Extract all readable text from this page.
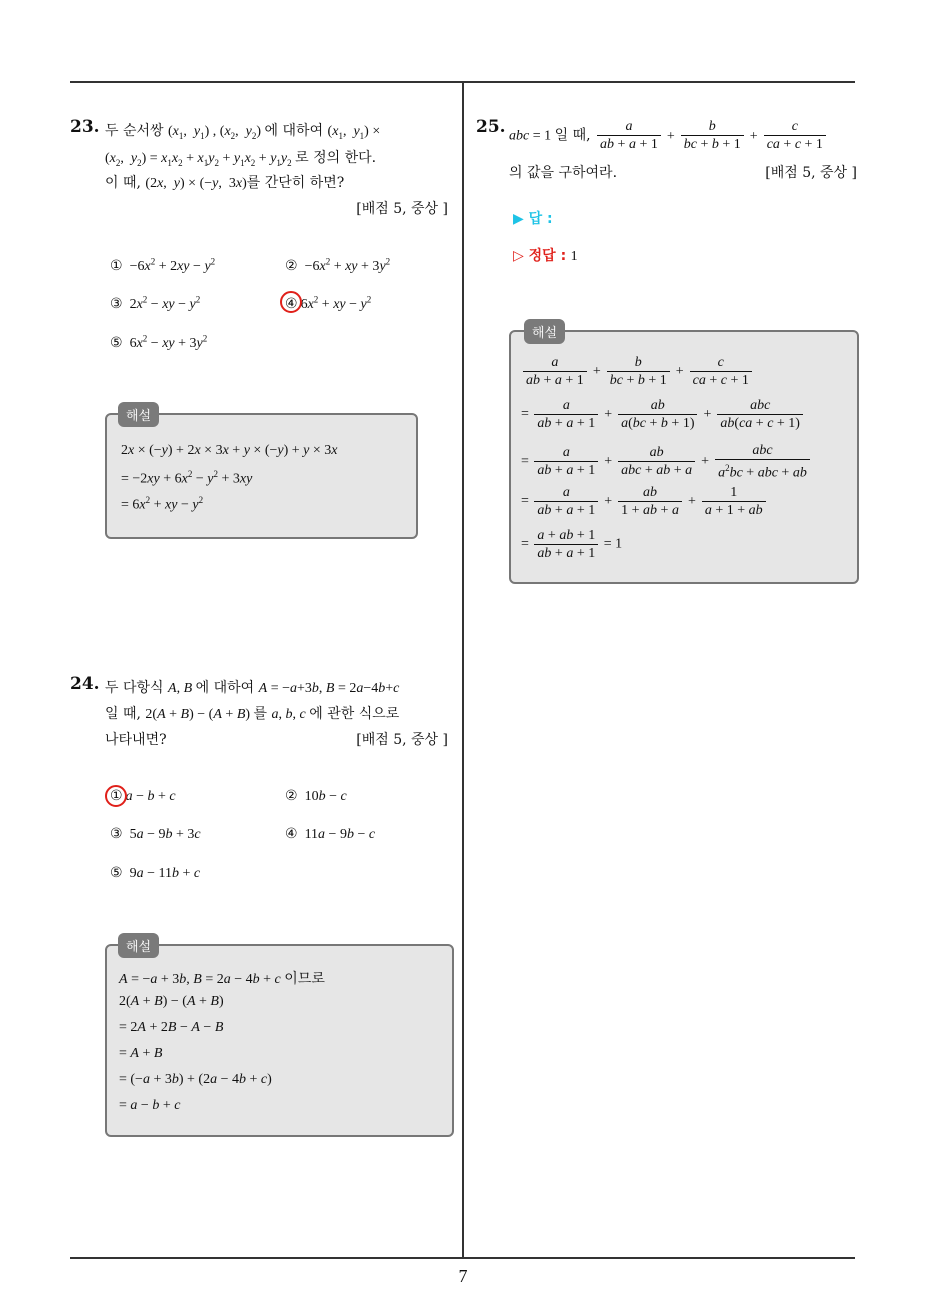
23. 두 순서쌍 ($x_1$,  $y_1$) , ($x_2$,  $y_2$) 에 대하여 ($x_1$,  $y_1$) ×
($x_2$,  $y_2) = x_1x_2 + x_1y_2 + y_1x_2 + y_1y_2$ 로 정의 한다.
이 때, (2x,  y) × (−y,  3x)를 간단히 하면?
[배점 5, 중상 ]
① $-6x^2 + 2xy - y^2$	② $-6x^2$ + xy + $3y^2$
③ $2x^2$ − xy − $y^2$	④ $6x^2$ + xy − $y^2$
⑤ $6x^2$ − xy + $3y^2$
2x × (−y) + 2x × 3x + y × (−y) + y × 3x
= $-2xy + 6x^2 - y^2 + 3xy$
= $6x^2$ + xy − $y^2$
해설
24. 두 다항식 A, B 에 대하여 A = −a+3b, B = 2a−4b+c
일 때, 2(A + B) − (A + B) 를 a, b, c 에 관한 식으로
나타내면?	[배점 5, 중상 ]
① a − b + c	② 10b − c
③ 5a − 9b + 3c	④ 11a − 9b − c
⑤ 9a − 11b + c
A = −a + 3b, B = 2a − 4b + c 이므로
2(A + B) − (A + B)
= 2A + 2B − A − B
= A + B
= (−a + 3b) + (2a − 4b + c)
= a − b + c
해설
25. abc = 1 일 때, $\frac{a}{ab + a + 1} + \frac{b}{bc + b + 1} + \frac{c}{ca + c + 1}$
의 값을 구하여라.	[배점 5, 중상 ]
▶ 답 :
▷ 정답 : 1
$\frac{a}{ab + a + 1} + \frac{b}{bc + b + 1} + \frac{c}{ca + c + 1}$
= $\frac{a}{ab + a + 1} + \frac{ab}{a(bc + b + 1)} + \frac{\text{abc}}{ab(ca + c + 1)}$
= $\frac{a}{ab + a + 1} + \frac{ab}{\text{abc + ab + a}} + \frac{\text{abc}}{a^2bc + abc + ab}$
= $\frac{a}{ab + a + 1} + \frac{ab}{1 + ab + a} + \frac{1}{a + 1 + ab}$
= $\frac{a + ab + 1}{ab + a + 1} = 1$
해설
7
